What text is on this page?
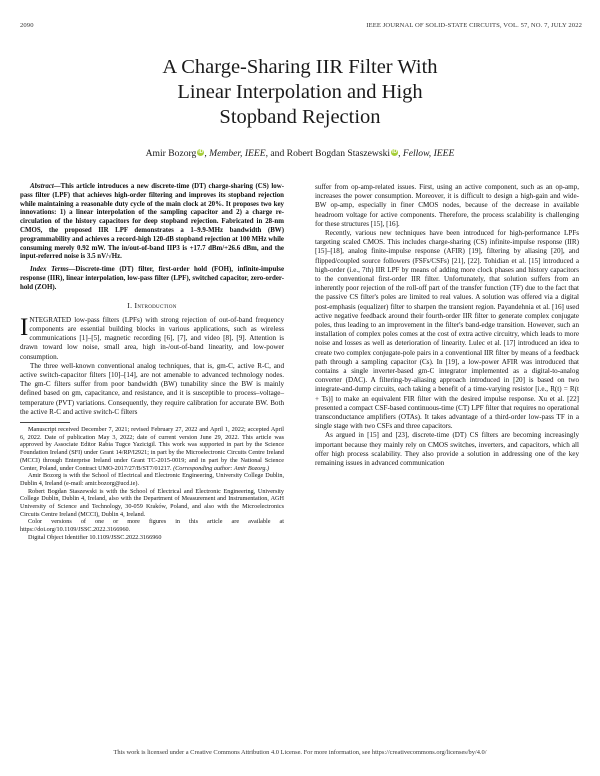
2090	IEEE JOURNAL OF SOLID-STATE CIRCUITS, VOL. 57, NO. 7, JULY 2022
A Charge-Sharing IIR Filter With
Linear Interpolation and High
Stopband Rejection
Amir Bozorg iD, Member, IEEE, and Robert Bogdan Staszewski iD, Fellow, IEEE

Abstract—This article introduces a new discrete-time (DT) charge-sharing (CS) low-pass filter (LPF) that achieves high-order filtering and improves its stopband rejection while maintaining a reasonable duty cycle of the main clock at 20%. It proposes two key innovations: 1) a linear interpolation of the sampling capacitor and 2) a charge re-circulation of the history capacitors for deep stopband rejection. Fabricated in 28-nm CMOS, the proposed IIR LPF demonstrates a 1–9.9-MHz bandwidth (BW) programmability and achieves a record-high 120-dB stopband rejection at 100 MHz while consuming merely 0.92 mW. The in/out-of-band IIP3 is +17.7 dBm/+26.6 dBm, and the input-referred noise is 3.5 nV/√Hz.

Index Terms—Discrete-time (DT) filter, first-order hold (FOH), infinite-impulse response (IIR), linear interpolation, low-pass filter (LPF), switched capacitor, zero-order-hold (ZOH).

I. Introduction

INTEGRATED low-pass filters (LPFs) with strong rejection of out-of-band frequency components are essential building blocks in various applications, such as wireless communications [1]–[5], magnetic recording [6], [7], and video [8], [9]. Attention is drawn toward low noise, small area, high in-/out-of-band linearity, and low-power consumption.

The three well-known conventional analog techniques, that is, gm-C, active R-C, and active switch-capacitor filters [10]–[14], are not amenable to advanced technology nodes. The gm-C filters suffer from poor bandwidth (BW) tunability since the BW is mainly defined based on gm, capacitance, and resistance, and it is susceptible to process–voltage–temperature (PVT) variations. Consequently, they require calibration for accurate BW. Both the active R-C and active switch-C filters

Manuscript received December 7, 2021; revised February 27, 2022 and April 1, 2022; accepted April 6, 2022. Date of publication May 3, 2022; date of current version June 29, 2022. This article was approved by Associate Editor Rabia Tugce Yazicigil. This work was supported in part by the Science Foundation Ireland (SFI) under Grant 14/RP/I2921; in part by the Microelectronic Circuits Centre Ireland (MCCI) through Enterprise Ireland under Grant TC-2015-0019; and in part by the National Science Center, Poland, under Contract UMO-2017/27/B/ST7/01217. (Corresponding author: Amir Bozorg.)

Amir Bozorg is with the School of Electrical and Electronic Engineering, University College Dublin, Dublin 4, Ireland (e-mail: amir.bozorg@ucd.ie).

Robert Bogdan Staszewski is with the School of Electrical and Electronic Engineering, University College Dublin, Dublin 4, Ireland, also with the Department of Measurement and Instrumentation, AGH University of Science and Technology, 30-059 Kraków, Poland, and also with the Microelectronics Circuits Centre Ireland (MCCI), Dublin 4, Ireland.

Color versions of one or more figures in this article are available at https://doi.org/10.1109/JSSC.2022.3166960.

Digital Object Identifier 10.1109/JSSC.2022.3166960

suffer from op-amp-related issues. First, using an active component, such as an op-amp, increases the power consumption. Moreover, it is difficult to design a high-gain and wide-BW op-amp, especially in finer CMOS nodes, because of the decrease in available headroom voltage for active components. Therefore, the process scalability is challenging for these structures [15], [16].

Recently, various new techniques have been introduced for high-performance LPFs targeting scaled CMOS. This includes charge-sharing (CS) infinite-impulse response (IIR) [15]–[18], analog finite-impulse response (AFIR) [19], filtering by aliasing [20], and flipped/coupled source followers (FSFs/CSFs) [21], [22]. Tohidian et al. [15] introduced a high-order (i.e., 7th) IIR LPF by means of adding more clock phases and history capacitors to the conventional first-order IIR filter. Unfortunately, that solution suffers from an inherently poor rejection of the roll-off part of the transfer function (TF) due to the fact that the passive CS filter's poles are limited to real values. A solution was offered via a digital post-emphasis (equalizer) filter to sharpen the transient region. Payandehnia et al. [16] used active negative feedback around their fourth-order IIR filter to generate complex conjugate poles, thus leading to an improvement in the filter's band-edge transition. However, such an installation of complex poles comes at the cost of extra active circuitry, which leads to more noise and losses as well as deterioration of linearity. Lulec et al. [17] introduced an idea to create two complex conjugate-pole pairs in a conventional IIR filter by means of a feedback path through a sampling capacitor (Cs). In [19], a low-power AFIR was introduced that contains a single inverter-based gm-C integrator implemented as a digital-to-analog converter (DAC). A filtering-by-aliasing approach introduced in [20] is based on two integrate-and-dump circuits, each taking a benefit of a time-varying resistor [i.e., R(t) = R(t + Ts)] to make an equivalent FIR filter with the desired impulse response. Xu et al. [22] presented a compact CSF-based continuous-time (CT) LPF filter that requires no operational transconductance amplifiers (OTAs). It takes advantage of a third-order low-pass TF in a single stage with two CSFs and three capacitors.

As argued in [15] and [23], discrete-time (DT) CS filters are becoming increasingly important because they mainly rely on CMOS switches, inverters, and capacitors, which all offer high process scalability. They also provide a solution in addressing one of the key remaining issues in advanced communication

This work is licensed under a Creative Commons Attribution 4.0 License. For more information, see https://creativecommons.org/licenses/by/4.0/
